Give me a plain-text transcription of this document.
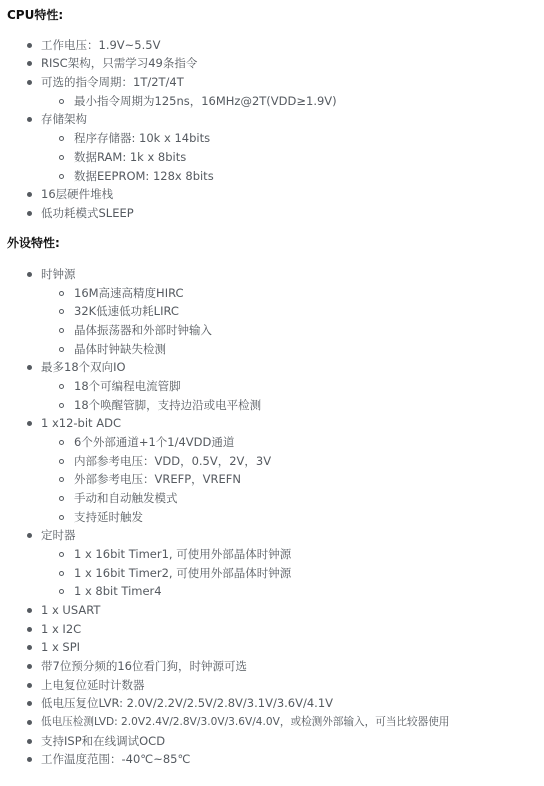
CPU特性:
工作电压：1.9V~5.5V
RISC架构，只需学习49条指令
可选的指令周期：1T/2T/4T
最小指令周期为125ns，16MHz@2T(VDD≥1.9V)
存储架构
程序存储器: 10k x 14bits
数据RAM: 1k x 8bits
数据EEPROM: 128x 8bits
16层硬件堆栈
低功耗模式SLEEP
外设特性:
时钟源
16M高速高精度HIRC
32K低速低功耗LIRC
晶体振荡器和外部时钟输入
晶体时钟缺失检测
最多18个双向IO
18个可编程电流管脚
18个唤醒管脚，支持边沿或电平检测
1 x12-bit ADC
6个外部通道+1个1/4VDD通道
内部参考电压：VDD，0.5V，2V，3V
外部参考电压：VREFP，VREFN
手动和自动触发模式
支持延时触发
定时器
1 x 16bit Timer1, 可使用外部晶体时钟源
1 x 16bit Timer2, 可使用外部晶体时钟源
1 x 8bit Timer4
1 x USART
1 x I2C
1 x SPI
带7位预分频的16位看门狗，时钟源可选
上电复位延时计数器
低电压复位LVR: 2.0V/2.2V/2.5V/2.8V/3.1V/3.6V/4.1V
低电压检测LVD: 2.0V2.4V/2.8V/3.0V/3.6V/4.0V，或检测外部输入，可当比较器使用
支持ISP和在线调试OCD
工作温度范围：-40℃~85℃
